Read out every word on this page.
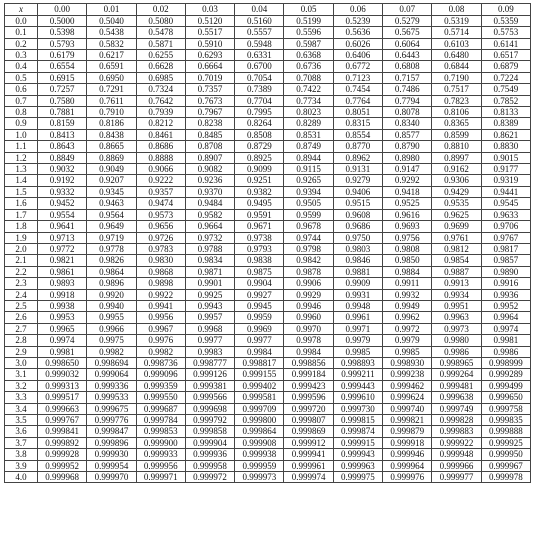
x	0.00	0.01	0.02	0.03	0.04	0.05	0.06	0.07	0.08	0.09
0.0	0.5000	0.5040	0.5080	0.5120	0.5160	0.5199	0.5239	0.5279	0.5319	0.5359
0.1	0.5398	0.5438	0.5478	0.5517	0.5557	0.5596	0.5636	0.5675	0.5714	0.5753
0.2	0.5793	0.5832	0.5871	0.5910	0.5948	0.5987	0.6026	0.6064	0.6103	0.6141
0.3	0.6179	0.6217	0.6255	0.6293	0.6331	0.6368	0.6406	0.6443	0.6480	0.6517
0.4	0.6554	0.6591	0.6628	0.6664	0.6700	0.6736	0.6772	0.6808	0.6844	0.6879
0.5	0.6915	0.6950	0.6985	0.7019	0.7054	0.7088	0.7123	0.7157	0.7190	0.7224
0.6	0.7257	0.7291	0.7324	0.7357	0.7389	0.7422	0.7454	0.7486	0.7517	0.7549
0.7	0.7580	0.7611	0.7642	0.7673	0.7704	0.7734	0.7764	0.7794	0.7823	0.7852
0.8	0.7881	0.7910	0.7939	0.7967	0.7995	0.8023	0.8051	0.8078	0.8106	0.8133
0.9	0.8159	0.8186	0.8212	0.8238	0.8264	0.8289	0.8315	0.8340	0.8365	0.8389
1.0	0.8413	0.8438	0.8461	0.8485	0.8508	0.8531	0.8554	0.8577	0.8599	0.8621
1.1	0.8643	0.8665	0.8686	0.8708	0.8729	0.8749	0.8770	0.8790	0.8810	0.8830
1.2	0.8849	0.8869	0.8888	0.8907	0.8925	0.8944	0.8962	0.8980	0.8997	0.9015
1.3	0.9032	0.9049	0.9066	0.9082	0.9099	0.9115	0.9131	0.9147	0.9162	0.9177
1.4	0.9192	0.9207	0.9222	0.9236	0.9251	0.9265	0.9279	0.9292	0.9306	0.9319
1.5	0.9332	0.9345	0.9357	0.9370	0.9382	0.9394	0.9406	0.9418	0.9429	0.9441
1.6	0.9452	0.9463	0.9474	0.9484	0.9495	0.9505	0.9515	0.9525	0.9535	0.9545
1.7	0.9554	0.9564	0.9573	0.9582	0.9591	0.9599	0.9608	0.9616	0.9625	0.9633
1.8	0.9641	0.9649	0.9656	0.9664	0.9671	0.9678	0.9686	0.9693	0.9699	0.9706
1.9	0.9713	0.9719	0.9726	0.9732	0.9738	0.9744	0.9750	0.9756	0.9761	0.9767
2.0	0.9772	0.9778	0.9783	0.9788	0.9793	0.9798	0.9803	0.9808	0.9812	0.9817
2.1	0.9821	0.9826	0.9830	0.9834	0.9838	0.9842	0.9846	0.9850	0.9854	0.9857
2.2	0.9861	0.9864	0.9868	0.9871	0.9875	0.9878	0.9881	0.9884	0.9887	0.9890
2.3	0.9893	0.9896	0.9898	0.9901	0.9904	0.9906	0.9909	0.9911	0.9913	0.9916
2.4	0.9918	0.9920	0.9922	0.9925	0.9927	0.9929	0.9931	0.9932	0.9934	0.9936
2.5	0.9938	0.9940	0.9941	0.9943	0.9945	0.9946	0.9948	0.9949	0.9951	0.9952
2.6	0.9953	0.9955	0.9956	0.9957	0.9959	0.9960	0.9961	0.9962	0.9963	0.9964
2.7	0.9965	0.9966	0.9967	0.9968	0.9969	0.9970	0.9971	0.9972	0.9973	0.9974
2.8	0.9974	0.9975	0.9976	0.9977	0.9977	0.9978	0.9979	0.9979	0.9980	0.9981
2.9	0.9981	0.9982	0.9982	0.9983	0.9984	0.9984	0.9985	0.9985	0.9986	0.9986
3.0	0.998650	0.998694	0.998736	0.998777	0.998817	0.998856	0.998893	0.998930	0.998965	0.998999
3.1	0.999032	0.999064	0.999096	0.999126	0.999155	0.999184	0.999211	0.999238	0.999264	0.999289
3.2	0.999313	0.999336	0.999359	0.999381	0.999402	0.999423	0.999443	0.999462	0.999481	0.999499
3.3	0.999517	0.999533	0.999550	0.999566	0.999581	0.999596	0.999610	0.999624	0.999638	0.999650
3.4	0.999663	0.999675	0.999687	0.999698	0.999709	0.999720	0.999730	0.999740	0.999749	0.999758
3.5	0.999767	0.999776	0.999784	0.999792	0.999800	0.999807	0.999815	0.999821	0.999828	0.999835
3.6	0.999841	0.999847	0.999853	0.999858	0.999864	0.999869	0.999874	0.999879	0.999883	0.999888
3.7	0.999892	0.999896	0.999900	0.999904	0.999908	0.999912	0.999915	0.999918	0.999922	0.999925
3.8	0.999928	0.999930	0.999933	0.999936	0.999938	0.999941	0.999943	0.999946	0.999948	0.999950
3.9	0.999952	0.999954	0.999956	0.999958	0.999959	0.999961	0.999963	0.999964	0.999966	0.999967
4.0	0.999968	0.999970	0.999971	0.999972	0.999973	0.999974	0.999975	0.999976	0.999977	0.999978
